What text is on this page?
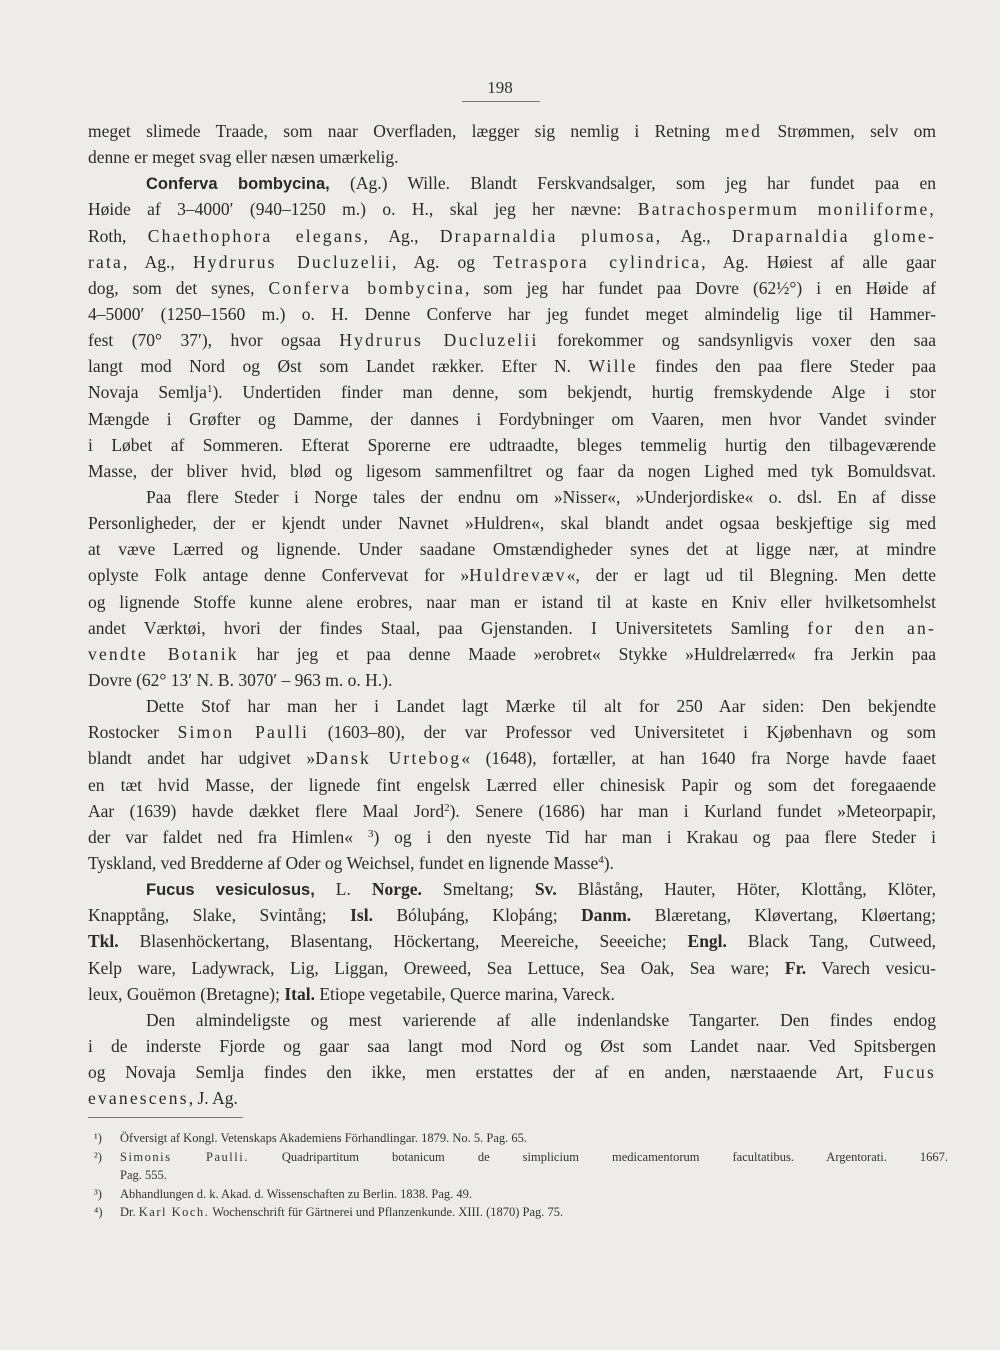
198
meget slimede Traade, som naar Overfladen, lægger sig nemlig i Retning med Strømmen, selv om
denne er meget svag eller næsen umærkelig.
Conferva bombycina, (Ag.) Wille. Blandt Ferskvandsalger, som jeg har fundet paa en
Høide af 3–4000′ (940–1250 m.) o. H., skal jeg her nævne: Batrachospermum moniliforme,
Roth, Chaethophora elegans, Ag., Draparnaldia plumosa, Ag., Draparnaldia glome-
rata, Ag., Hydrurus Ducluzelii, Ag. og Tetraspora cylindrica, Ag. Høiest af alle gaar
dog, som det synes, Conferva bombycina, som jeg har fundet paa Dovre (62½°) i en Høide af
4–5000′ (1250–1560 m.) o. H. Denne Conferve har jeg fundet meget almindelig lige til Hammer-
fest (70° 37′), hvor ogsaa Hydrurus Ducluzelii forekommer og sandsynligvis voxer den saa
langt mod Nord og Øst som Landet rækker. Efter N. Wille findes den paa flere Steder paa
Novaja Semlja$^1$). Undertiden finder man denne, som bekjendt, hurtig fremskydende Alge i stor
Mængde i Grøfter og Damme, der dannes i Fordybninger om Vaaren, men hvor Vandet svinder
i Løbet af Sommeren. Efterat Sporerne ere udtraadte, bleges temmelig hurtig den tilbageværende
Masse, der bliver hvid, blød og ligesom sammenfiltret og faar da nogen Lighed med tyk Bomuldsvat.
Paa flere Steder i Norge tales der endnu om »Nisser«, »Underjordiske« o. dsl. En af disse
Personligheder, der er kjendt under Navnet »Huldren«, skal blandt andet ogsaa beskjeftige sig med
at væve Lærred og lignende. Under saadane Omstændigheder synes det at ligge nær, at mindre
oplyste Folk antage denne Confervevat for »Huldrevæv«, der er lagt ud til Blegning. Men dette
og lignende Stoffe kunne alene erobres, naar man er istand til at kaste en Kniv eller hvilketsomhelst
andet Værktøi, hvori der findes Staal, paa Gjenstanden. I Universitetets Samling for den an-
vendte Botanik har jeg et paa denne Maade »erobret« Stykke »Huldrelærred« fra Jerkin paa
Dovre (62° 13′ N. B. 3070′ – 963 m. o. H.).
Dette Stof har man her i Landet lagt Mærke til alt for 250 Aar siden: Den bekjendte
Rostocker Simon Paulli (1603–80), der var Professor ved Universitetet i Kjøbenhavn og som
blandt andet har udgivet »Dansk Urtebog« (1648), fortæller, at han 1640 fra Norge havde faaet
en tæt hvid Masse, der lignede fint engelsk Lærred eller chinesisk Papir og som det foregaaende
Aar (1639) havde dækket flere Maal Jord$^2$). Senere (1686) har man i Kurland fundet »Meteorpapir,
der var faldet ned fra Himlen« $^3$) og i den nyeste Tid har man i Krakau og paa flere Steder i
Tyskland, ved Bredderne af Oder og Weichsel, fundet en lignende Masse$^4$).
Fucus vesiculosus, L. Norge. Smeltang; Sv. Blåstång, Hauter, Höter, Klottång, Klöter,
Knapptång, Slake, Svintång; Isl. Bóluþáng, Kloþáng; Danm. Blæretang, Kløvertang, Kløertang;
Tkl. Blasenhöckertang, Blasentang, Höckertang, Meereiche, Seeeiche; Engl. Black Tang, Cutweed,
Kelp ware, Ladywrack, Lig, Liggan, Oreweed, Sea Lettuce, Sea Oak, Sea ware; Fr. Varech vesicu-
leux, Gouëmon (Bretagne); Ital. Etiope vegetabile, Querce marina, Vareck.
Den almindeligste og mest varierende af alle indenlandske Tangarter. Den findes endog
i de inderste Fjorde og gaar saa langt mod Nord og Øst som Landet naar. Ved Spitsbergen
og Novaja Semlja findes den ikke, men erstattes der af en anden, nærstaaende Art, Fucus
evanescens, J. Ag.
¹)	Öfversigt af Kongl. Vetenskaps Akademiens Förhandlingar. 1879. No. 5. Pag. 65.
²)	Simonis Paulli. Quadripartitum botanicum de simplicium medicamentorum facultatibus. Argentorati. 1667.
Pag. 555.
³)	Abhandlungen d. k. Akad. d. Wissenschaften zu Berlin. 1838. Pag. 49.
⁴)	Dr. Karl Koch. Wochenschrift für Gärtnerei und Pflanzenkunde. XIII. (1870) Pag. 75.
